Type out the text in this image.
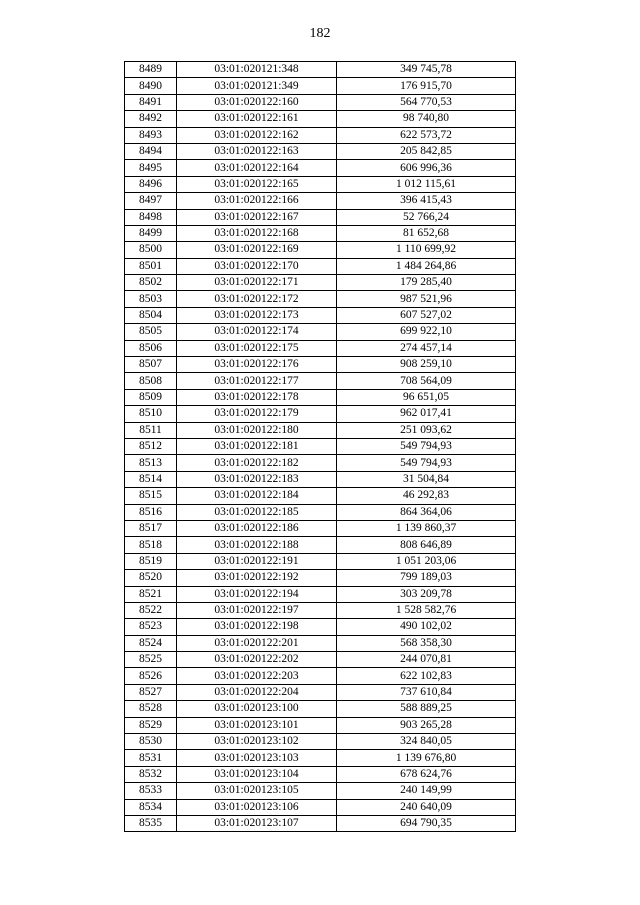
182
8489	03:01:020121:348	349 745,78
8490	03:01:020121:349	176 915,70
8491	03:01:020122:160	564 770,53
8492	03:01:020122:161	98 740,80
8493	03:01:020122:162	622 573,72
8494	03:01:020122:163	205 842,85
8495	03:01:020122:164	606 996,36
8496	03:01:020122:165	1 012 115,61
8497	03:01:020122:166	396 415,43
8498	03:01:020122:167	52 766,24
8499	03:01:020122:168	81 652,68
8500	03:01:020122:169	1 110 699,92
8501	03:01:020122:170	1 484 264,86
8502	03:01:020122:171	179 285,40
8503	03:01:020122:172	987 521,96
8504	03:01:020122:173	607 527,02
8505	03:01:020122:174	699 922,10
8506	03:01:020122:175	274 457,14
8507	03:01:020122:176	908 259,10
8508	03:01:020122:177	708 564,09
8509	03:01:020122:178	96 651,05
8510	03:01:020122:179	962 017,41
8511	03:01:020122:180	251 093,62
8512	03:01:020122:181	549 794,93
8513	03:01:020122:182	549 794,93
8514	03:01:020122:183	31 504,84
8515	03:01:020122:184	46 292,83
8516	03:01:020122:185	864 364,06
8517	03:01:020122:186	1 139 860,37
8518	03:01:020122:188	808 646,89
8519	03:01:020122:191	1 051 203,06
8520	03:01:020122:192	799 189,03
8521	03:01:020122:194	303 209,78
8522	03:01:020122:197	1 528 582,76
8523	03:01:020122:198	490 102,02
8524	03:01:020122:201	568 358,30
8525	03:01:020122:202	244 070,81
8526	03:01:020122:203	622 102,83
8527	03:01:020122:204	737 610,84
8528	03:01:020123:100	588 889,25
8529	03:01:020123:101	903 265,28
8530	03:01:020123:102	324 840,05
8531	03:01:020123:103	1 139 676,80
8532	03:01:020123:104	678 624,76
8533	03:01:020123:105	240 149,99
8534	03:01:020123:106	240 640,09
8535	03:01:020123:107	694 790,35
